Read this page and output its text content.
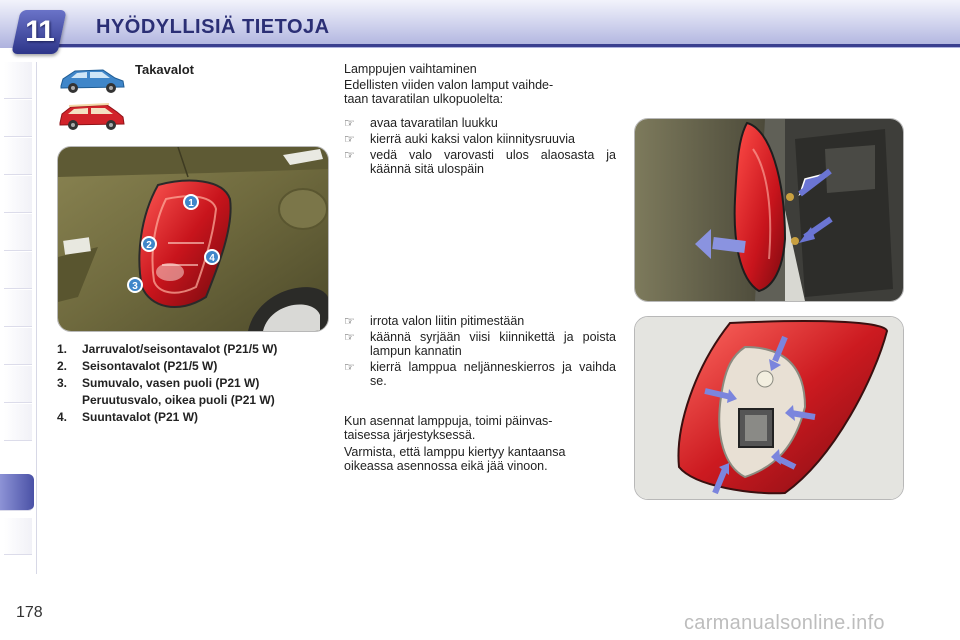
11	HYÖDYLLISIÄ TIETOJA
Takavalot
1
2
3
4
1.	Jarruvalot/seisontavalot (P21/5 W)
2.	Seisontavalot (P21/5 W)
3.	Sumuvalo, vasen puoli (P21 W)
Peruutusvalo, oikea puoli (P21 W)
4.	Suuntavalot (P21 W)
Lamppujen vaihtaminen
Edellisten viiden valon lamput vaihde-
taan tavaratilan ulkopuolelta:
☞	avaa tavaratilan luukku
☞	kierrä auki kaksi valon kiinnitysruuvia
☞	vedä valo varovasti ulos alaosasta ja käännä sitä ulospäin
☞	irrota valon liitin pitimestään
☞	käännä syrjään viisi kiinnikettä ja poista lampun kannatin
☞	kierrä lamppua neljänneskierros ja vaihda se.
Kun asennat lamppuja, toimi päinvas-
taisessa järjestyksessä.
Varmista, että lamppu kiertyy kantaansa
oikeassa asennossa eikä jää vinoon.
178	carmanualsonline.info
